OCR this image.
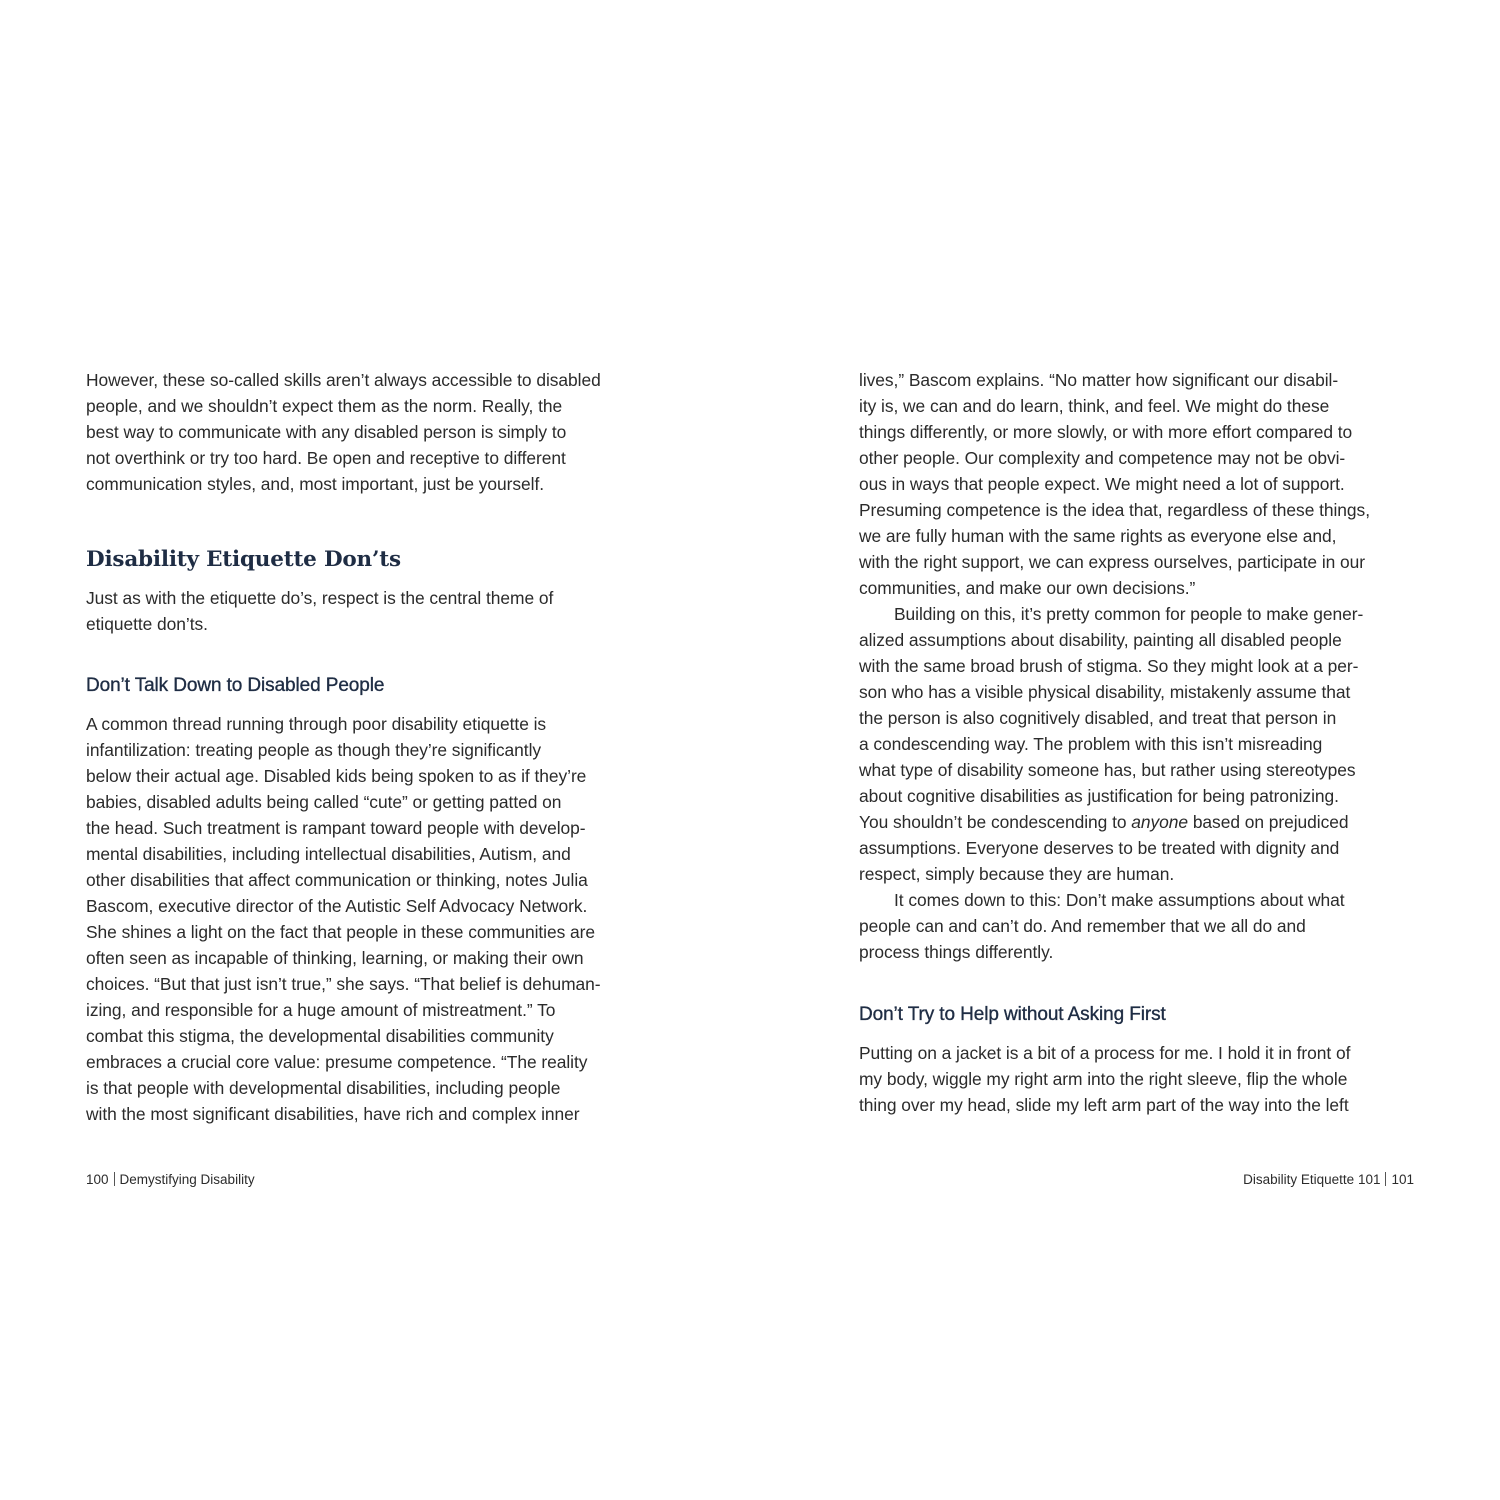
However, these so-called skills aren’t always accessible to disabled
people, and we shouldn’t expect them as the norm. Really, the
best way to communicate with any disabled person is simply to
not overthink or try too hard. Be open and receptive to different
communication styles, and, most important, just be yourself.
Disability Etiquette Don’ts
Just as with the etiquette do’s, respect is the central theme of
etiquette don’ts.
Don’t Talk Down to Disabled People
A common thread running through poor disability etiquette is
infantilization: treating people as though they’re significantly
below their actual age. Disabled kids being spoken to as if they’re
babies, disabled adults being called “cute” or getting patted on
the head. Such treatment is rampant toward people with develop-
mental disabilities, including intellectual disabilities, Autism, and
other disabilities that affect communication or thinking, notes Julia
Bascom, executive director of the Autistic Self Advocacy Network.
She shines a light on the fact that people in these communities are
often seen as incapable of thinking, learning, or making their own
choices. “But that just isn’t true,” she says. “That belief is dehuman-
izing, and responsible for a huge amount of mistreatment.” To
combat this stigma, the developmental disabilities community
embraces a crucial core value: presume competence. “The reality
is that people with developmental disabilities, including people
with the most significant disabilities, have rich and complex inner
lives,” Bascom explains. “No matter how significant our disabil-
ity is, we can and do learn, think, and feel. We might do these
things differently, or more slowly, or with more effort compared to
other people. Our complexity and competence may not be obvi-
ous in ways that people expect. We might need a lot of support.
Presuming competence is the idea that, regardless of these things,
we are fully human with the same rights as everyone else and,
with the right support, we can express ourselves, participate in our
communities, and make our own decisions.”
Building on this, it’s pretty common for people to make gener-
alized assumptions about disability, painting all disabled people
with the same broad brush of stigma. So they might look at a per-
son who has a visible physical disability, mistakenly assume that
the person is also cognitively disabled, and treat that person in
a condescending way. The problem with this isn’t misreading
what type of disability someone has, but rather using stereotypes
about cognitive disabilities as justification for being patronizing.
You shouldn’t be condescending to anyone based on prejudiced
assumptions. Everyone deserves to be treated with dignity and
respect, simply because they are human.
It comes down to this: Don’t make assumptions about what
people can and can’t do. And remember that we all do and
process things differently.
Don’t Try to Help without Asking First
Putting on a jacket is a bit of a process for me. I hold it in front of
my body, wiggle my right arm into the right sleeve, flip the whole
thing over my head, slide my left arm part of the way into the left
100 Demystifying Disability	Disability Etiquette 101 101
